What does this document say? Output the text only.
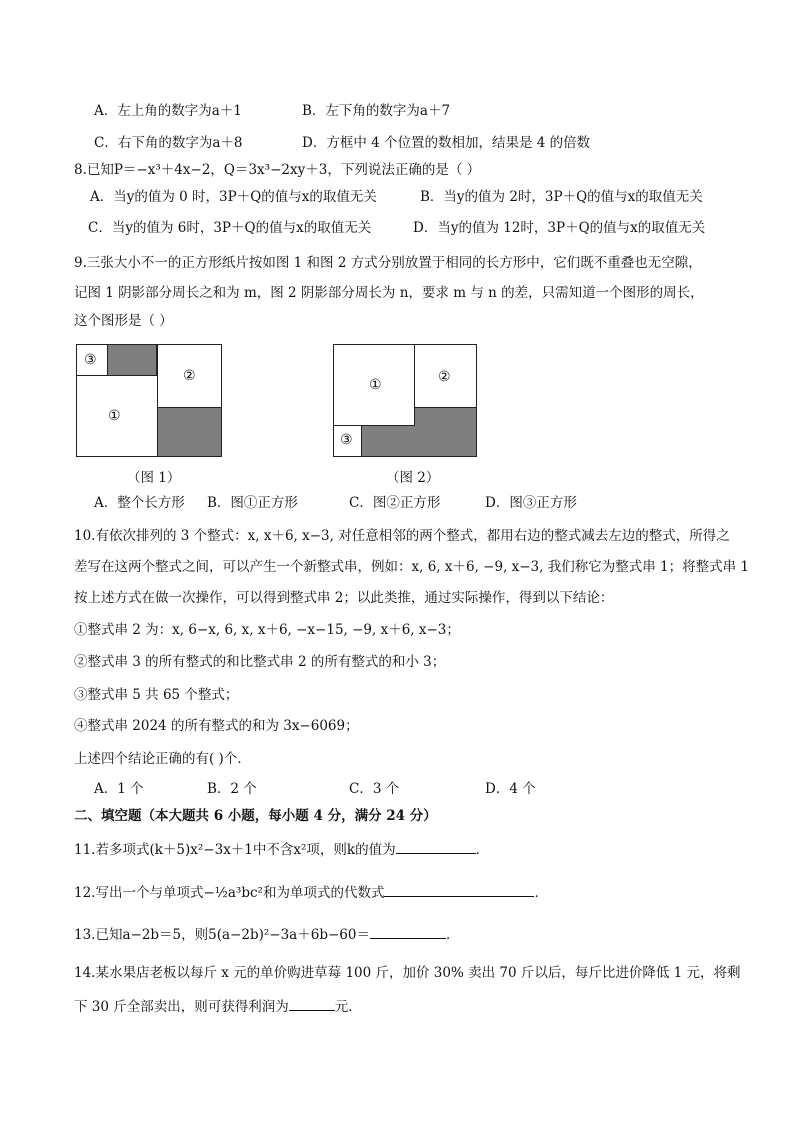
A．左上角的数字为a＋1	B．左下角的数字为a＋7
C．右下角的数字为a＋8	D．方框中 4 个位置的数相加，结果是 4 的倍数
8.已知P＝−x³＋4x−2，Q＝3x³−2xy＋3，下列说法正确的是（ ）
A．当y的值为 0 时，3P＋Q的值与x的取值无关	B．当y的值为 2时，3P＋Q的值与x的取值无关
C．当y的值为 6时，3P＋Q的值与x的取值无关	D．当y的值为 12时，3P＋Q的值与x的取值无关
9.三张大小不一的正方形纸片按如图 1 和图 2 方式分别放置于相同的长方形中，它们既不重叠也无空隙，
记图 1 阴影部分周长之和为 m，图 2 阴影部分周长为 n，要求 m 与 n 的差，只需知道一个图形的周长，
这个图形是（ ）
③
②
①
（图 1）
①	②
③
（图 2）
A．整个长方形 B．图①正方形	C．图②正方形	D．图③正方形
10.有依次排列的 3 个整式：x, x＋6, x−3, 对任意相邻的两个整式，都用右边的整式减去左边的整式，所得之
差写在这两个整式之间，可以产生一个新整式串，例如：x, 6, x＋6, −9, x−3, 我们称它为整式串 1；将整式串 1
按上述方式在做一次操作，可以得到整式串 2；以此类推，通过实际操作，得到以下结论：
①整式串 2 为：x, 6−x, 6, x, x＋6, −x−15, −9, x＋6, x−3；
②整式串 3 的所有整式的和比整式串 2 的所有整式的和小 3；
③整式串 5 共 65 个整式；
④整式串 2024 的所有整式的和为 3x−6069；
上述四个结论正确的有( )个．
A．1 个	B．2 个	C．3 个	D．4 个
二、填空题（本大题共 6 小题，每小题 4 分，满分 24 分）
11.若多项式(k＋5)x²−3x＋1中不含x²项，则k的值为	．
12.写出一个与单项式−½a³bc²和为单项式的代数式	．
13.已知a−2b＝5，则5(a−2b)²−3a＋6b−60＝	．
14.某水果店老板以每斤 x 元的单价购进草莓 100 斤，加价 30% 卖出 70 斤以后，每斤比进价降低 1 元，将剩
下 30 斤全部卖出，则可获得利润为	元．
